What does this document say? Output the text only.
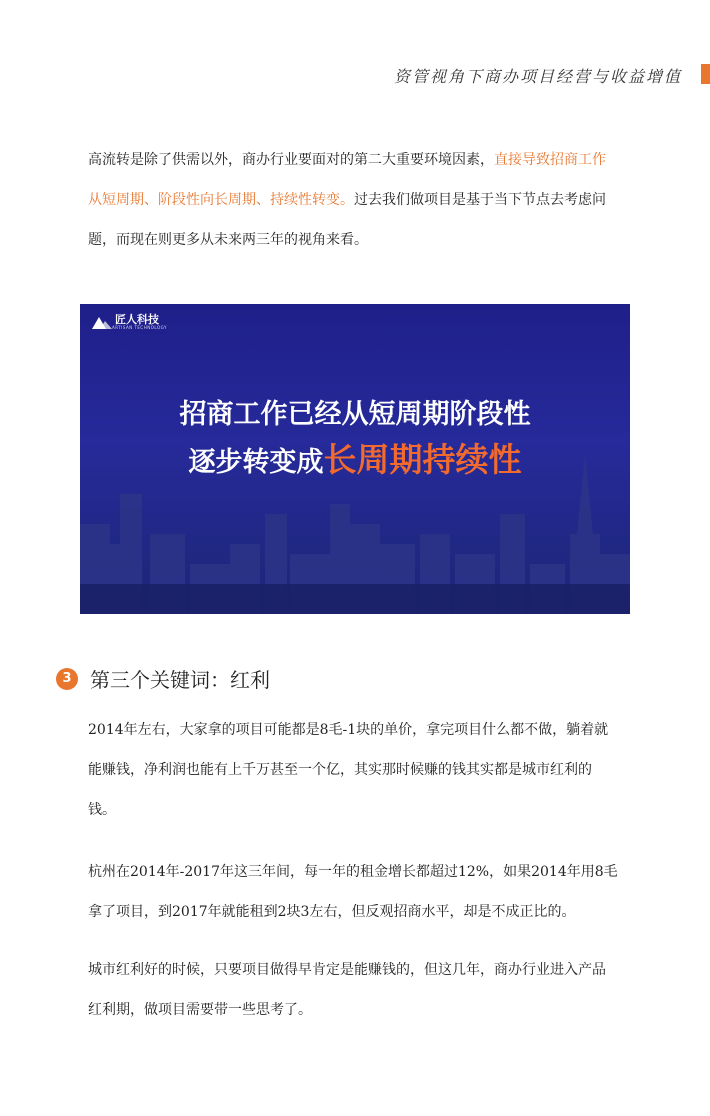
资管视角下商办项目经营与收益增值

高流转是除了供需以外，商办行业要面对的第二大重要环境因素，直接导致招商工作从短周期、阶段性向长周期、持续性转变。过去我们做项目是基于当下节点去考虑问题，而现在则更多从未来两三年的视角来看。

匠人科技
ARTISAN TECHNOLOGY
招商工作已经从短周期阶段性
逐步转变成长周期持续性
3 第三个关键词：红利

2014年左右，大家拿的项目可能都是8毛-1块的单价，拿完项目什么都不做，躺着就能赚钱，净利润也能有上千万甚至一个亿，其实那时候赚的钱其实都是城市红利的钱。

杭州在2014年-2017年这三年间，每一年的租金增长都超过12%，如果2014年用8毛拿了项目，到2017年就能租到2块3左右，但反观招商水平，却是不成正比的。

城市红利好的时候，只要项目做得早肯定是能赚钱的，但这几年，商办行业进入产品红利期，做项目需要带一些思考了。
